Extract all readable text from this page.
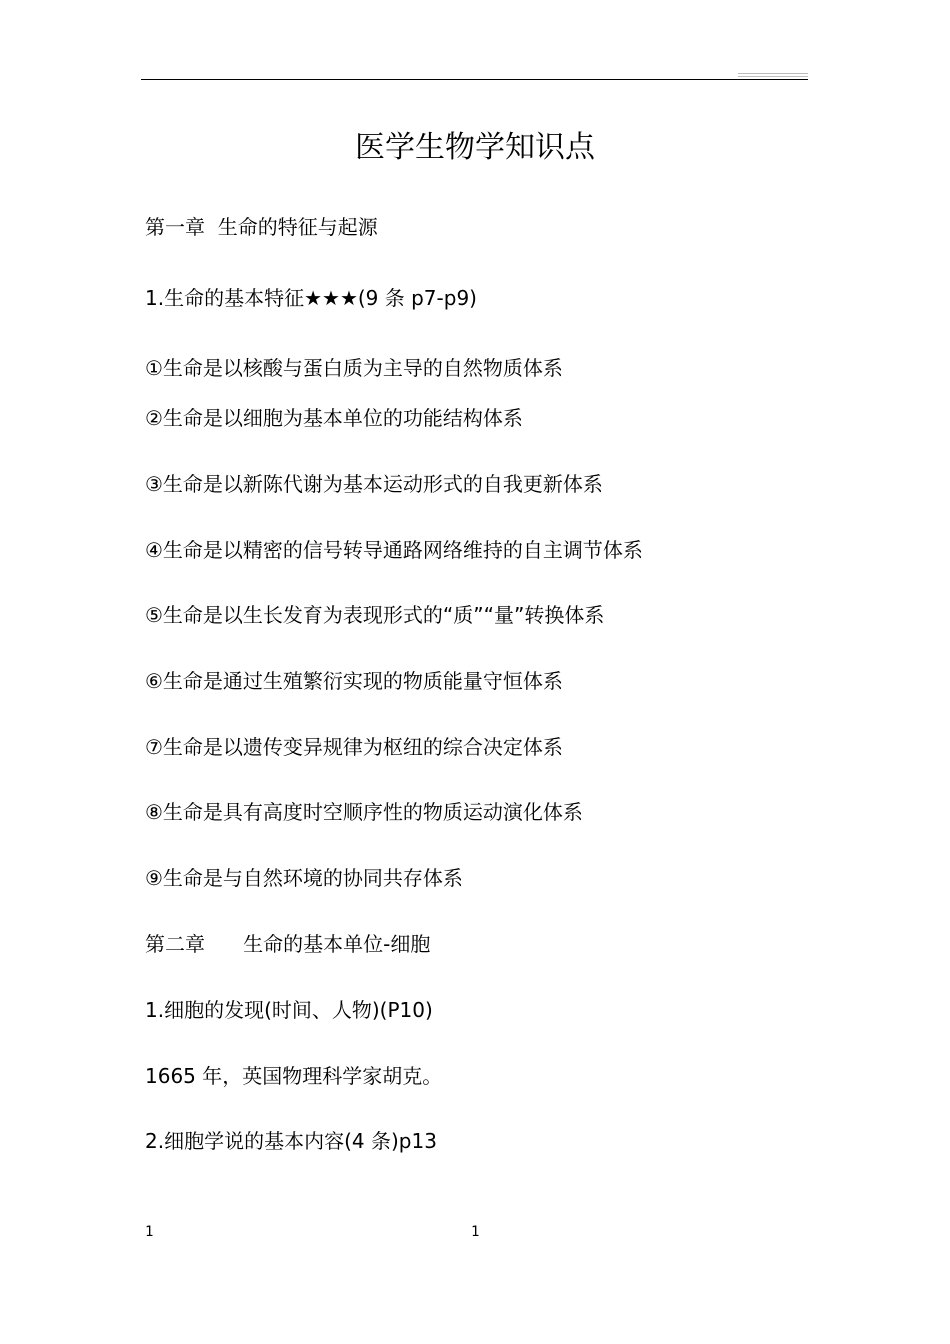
医学生物学知识点
第一章  生命的特征与起源
1.生命的基本特征★★★(9 条 p7-p9)
①生命是以核酸与蛋白质为主导的自然物质体系
②生命是以细胞为基本单位的功能结构体系
③生命是以新陈代谢为基本运动形式的自我更新体系
④生命是以精密的信号转导通路网络维持的自主调节体系
⑤生命是以生长发育为表现形式的“质”“量”转换体系
⑥生命是通过生殖繁衍实现的物质能量守恒体系
⑦生命是以遗传变异规律为枢纽的综合决定体系
⑧生命是具有高度时空顺序性的物质运动演化体系
⑨生命是与自然环境的协同共存体系
第二章      生命的基本单位-细胞
1.细胞的发现(时间、人物)(P10)
1665 年，英国物理科学家胡克。
2.细胞学说的基本内容(4 条)p13
1	1
